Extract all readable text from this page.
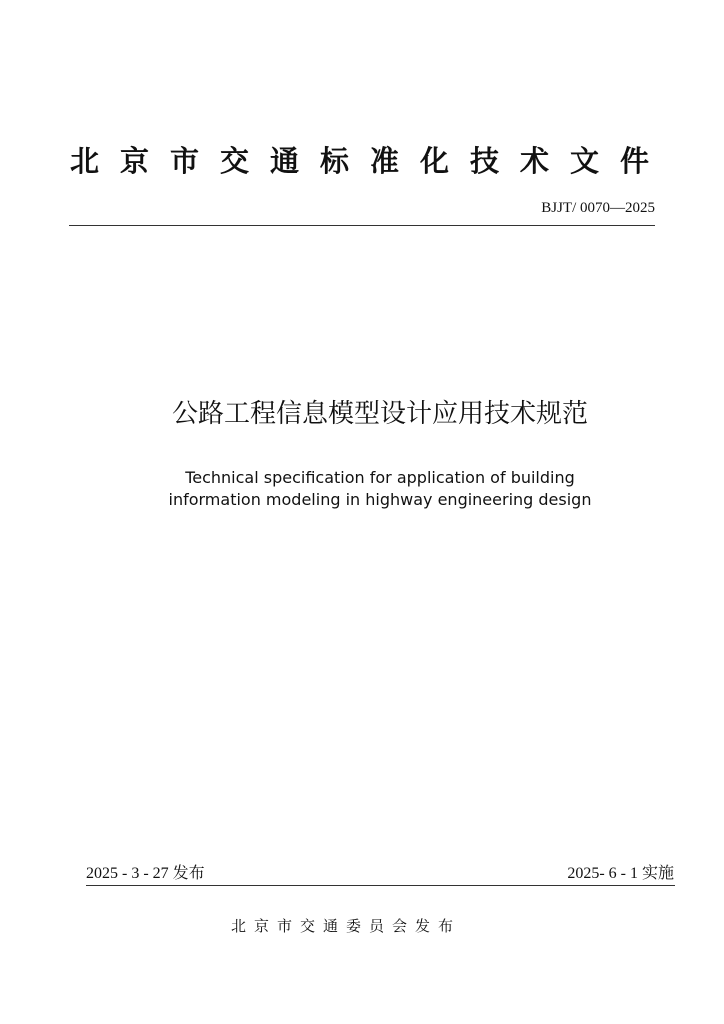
北京市交通标准化技术文件
BJJT/ 0070—2025
公路工程信息模型设计应用技术规范
Technical specification for application of building
information modeling in highway engineering design
2025 - 3 - 27 发布	2025- 6 - 1 实施
北京市交通委员会发布
